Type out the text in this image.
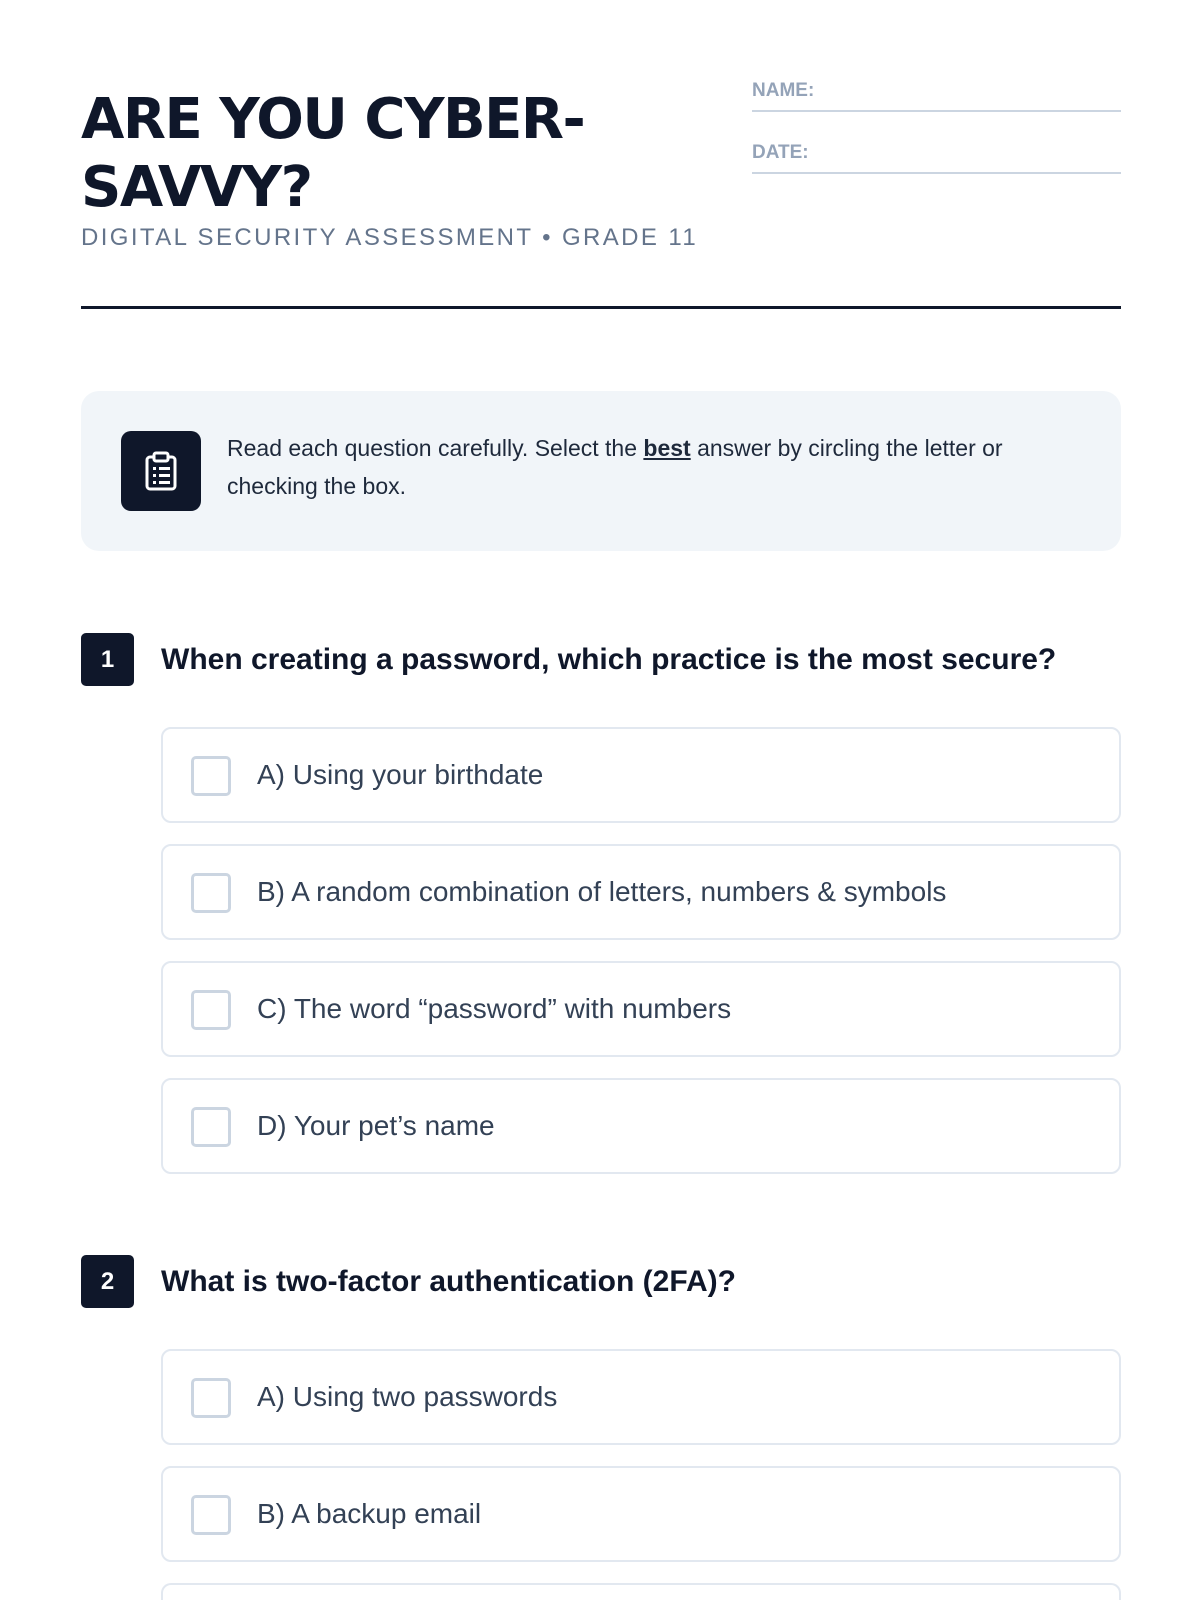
ARE YOU CYBER-SAVVY?
DIGITAL SECURITY ASSESSMENT • GRADE 11
NAME:
DATE:
Read each question carefully. Select the best answer by circling the letter or checking the box.
1	When creating a password, which practice is the most secure?
A) Using your birthdate
B) A random combination of letters, numbers & symbols
C) The word “password” with numbers
D) Your pet’s name
2	What is two-factor authentication (2FA)?
A) Using two passwords
B) A backup email
